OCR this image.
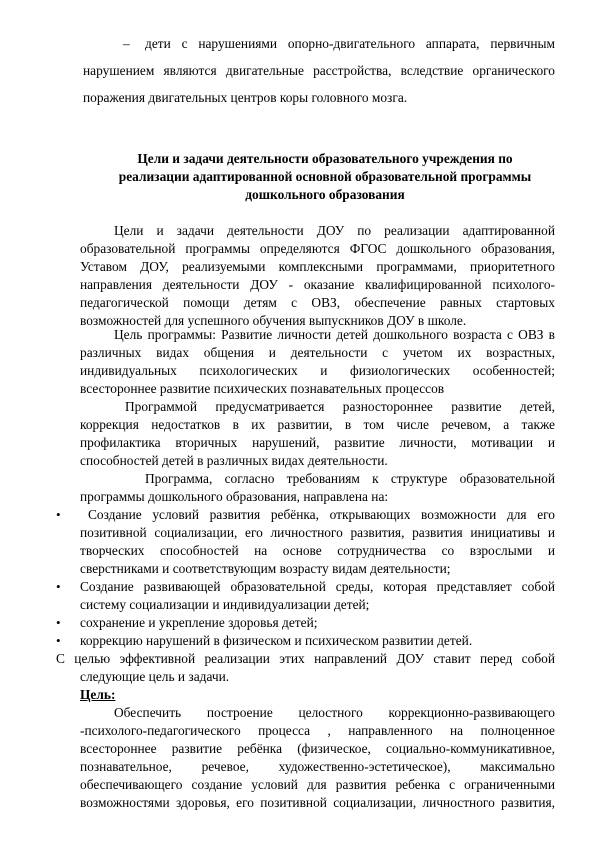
– дети с нарушениями опорно-двигательного аппарата, первичным
нарушением являются двигательные расстройства, вследствие органического
поражения двигательных центров коры головного мозга.
Цели и задачи деятельности образовательного учреждения по
реализации адаптированной основной образовательной программы
дошкольного образования
Цели и задачи деятельности ДОУ по реализации адаптированной
образовательной программы определяются ФГОС дошкольного образования,
Уставом ДОУ, реализуемыми комплексными программами, приоритетного
направления деятельности ДОУ - оказание квалифицированной психолого-
педагогической помощи детям с ОВЗ, обеспечение равных стартовых
возможностей для успешного обучения выпускников ДОУ в школе.
Цель программы: Развитие личности детей дошкольного возраста с ОВЗ в
различных видах общения и деятельности с учетом их возрастных,
индивидуальных психологических и физиологических особенностей;
всестороннее развитие психических познавательных процессов
Программой предусматривается разностороннее развитие детей,
коррекция недостатков в их развитии, в том числе речевом, а также
профилактика вторичных нарушений, развитие личности, мотивации и
способностей детей в различных видах деятельности.
Программа, согласно требованиям к структуре образовательной
программы дошкольного образования, направлена на:
• Создание условий развития ребёнка, открывающих возможности для его
позитивной социализации, его личностного развития, развития инициативы и
творческих способностей на основе сотрудничества со взрослыми и
сверстниками и соответствующим возрасту видам деятельности;
• Создание развивающей образовательной среды, которая представляет собой
систему социализации и индивидуализации детей;
• сохранение и укрепление здоровья детей;
• коррекцию нарушений в физическом и психическом развитии детей.
С целью эффективной реализации этих направлений ДОУ ставит перед собой
следующие цель и задачи.
Цель:
Обеспечить построение целостного коррекционно-развивающего
-психолого-педагогического процесса , направленного на полноценное
всестороннее развитие ребёнка (физическое, социально-коммуникативное,
познавательное, речевое, художественно-эстетическое), максимально
обеспечивающего создание условий для развития ребенка с ограниченными
возможностями здоровья, его позитивной социализации, личностного развития,
